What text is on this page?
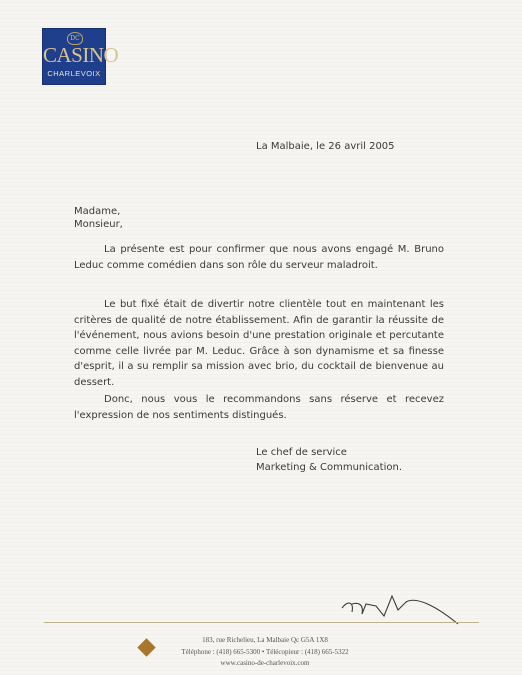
DC
CASINO
CHARLEVOIX
La Malbaie, le 26 avril 2005
Madame,
Monsieur,
La présente est pour confirmer que nous avons engagé M. Bruno Leduc comme comédien dans son rôle du serveur maladroit.
Le but fixé était de divertir notre clientèle tout en maintenant les critères de qualité de notre établissement. Afin de garantir la réussite de l'événement, nous avions besoin d'une prestation originale et percutante comme celle livrée par M. Leduc. Grâce à son dynamisme et sa finesse d'esprit, il a su remplir sa mission avec brio, du cocktail de bienvenue au dessert.
Donc, nous vous le recommandons sans réserve et recevez l'expression de nos sentiments distingués.
Le chef de service
Marketing & Communication.
183, rue Richelieu, La Malbaie Qc G5A 1X8
Téléphone : (418) 665-5300 • Télécopieur : (418) 665-5322
www.casino-de-charlevoix.com
